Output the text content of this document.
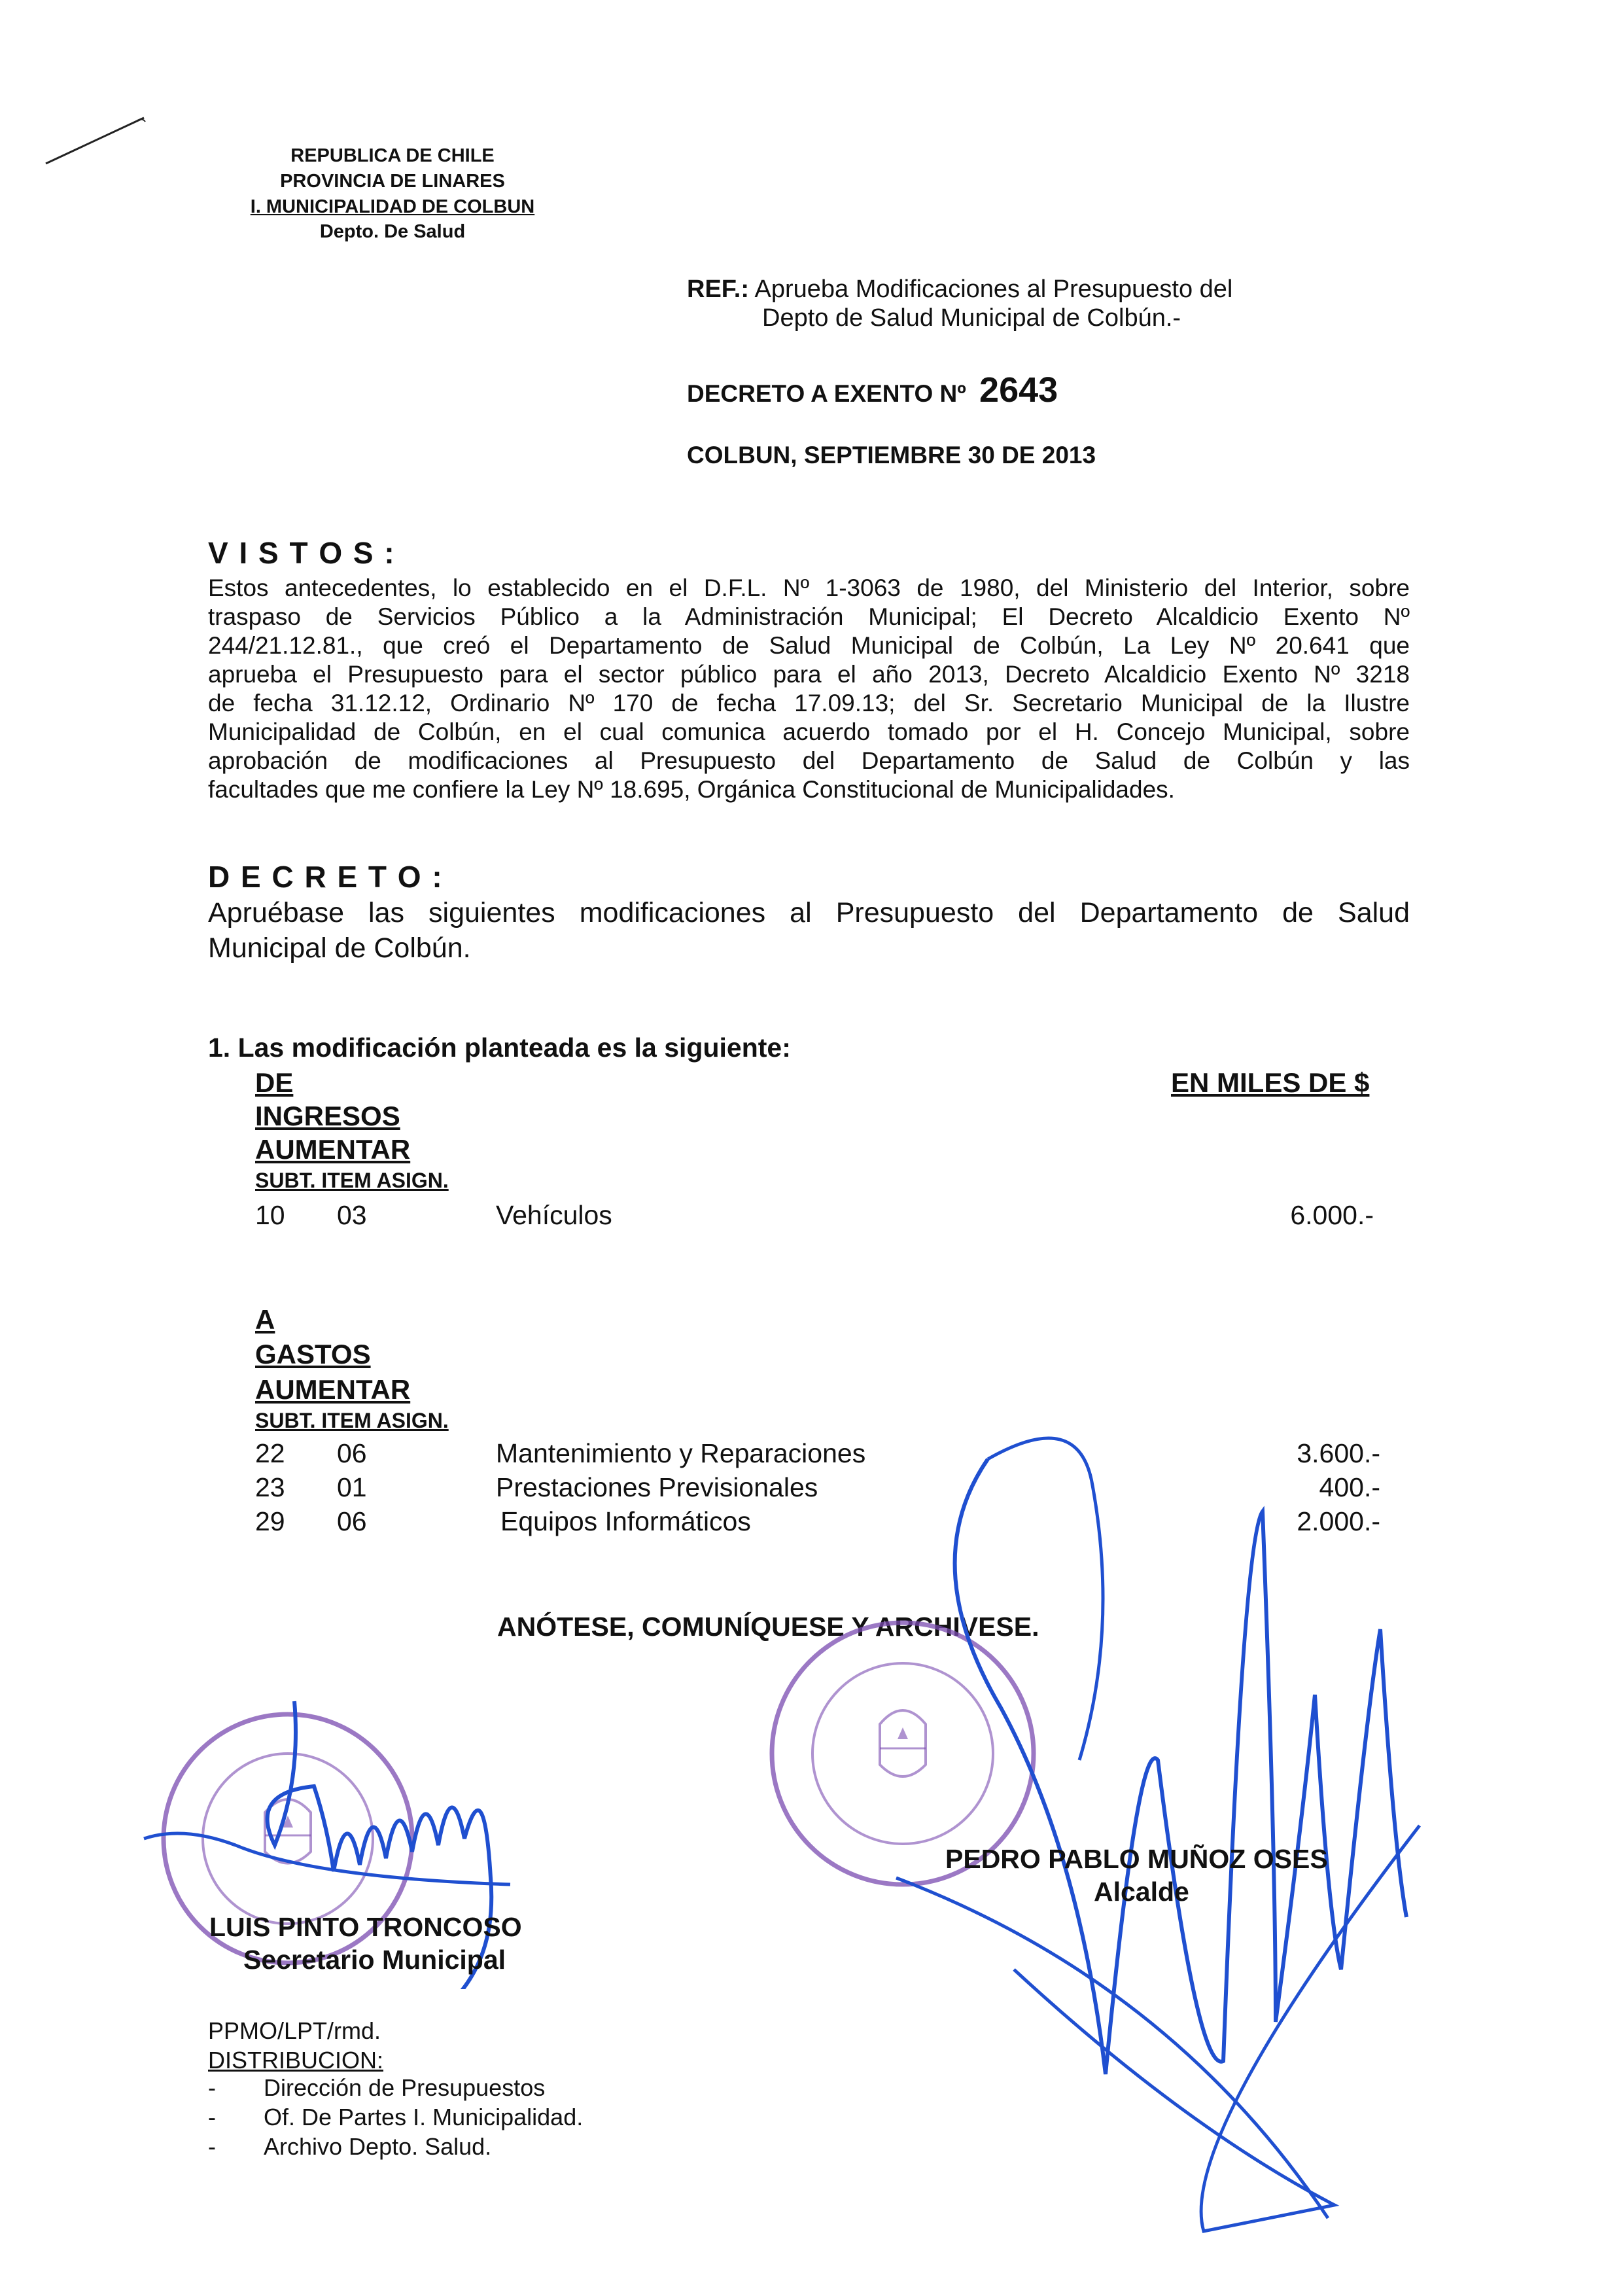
REPUBLICA DE CHILE
PROVINCIA DE LINARES
I. MUNICIPALIDAD DE COLBUN
Depto. De Salud
REF.: Aprueba Modificaciones al Presupuesto del
Depto de Salud Municipal de Colbún.-
DECRETO A EXENTO Nº 2643
COLBUN, SEPTIEMBRE 30 DE 2013
V I S T O S :
Estos antecedentes, lo establecido en el D.F.L. Nº 1-3063 de 1980, del Ministerio del Interior, sobre
traspaso de Servicios Público a la Administración Municipal; El Decreto Alcaldicio Exento Nº
244/21.12.81., que creó el Departamento de Salud Municipal de Colbún, La Ley Nº 20.641 que
aprueba el Presupuesto para el sector público para el año 2013, Decreto Alcaldicio Exento Nº 3218
de fecha 31.12.12, Ordinario Nº 170 de fecha 17.09.13; del Sr. Secretario Municipal de la Ilustre
Municipalidad de Colbún, en el cual comunica acuerdo tomado por el H. Concejo Municipal, sobre
aprobación de modificaciones al Presupuesto del Departamento de Salud de Colbún y las
facultades que me confiere la Ley Nº 18.695, Orgánica Constitucional de Municipalidades.
D E C R E T O :
Apruébase las siguientes modificaciones al Presupuesto del Departamento de Salud
Municipal de Colbún.
1. Las modificación planteada es la siguiente:
EN MILES DE $
DE
INGRESOS
AUMENTAR
SUBT. ITEM ASIGN.
10 03	Vehículos	6.000.-
A
GASTOS
AUMENTAR
SUBT. ITEM ASIGN.
22 06	Mantenimiento y Reparaciones	3.600.-
23 01	Prestaciones Previsionales	400.-
29 06	Equipos Informáticos	2.000.-
ANÓTESE, COMUNÍQUESE Y ARCHIVESE.
LUIS PINTO TRONCOSO
Secretario Municipal
PEDRO PABLO MUÑOZ OSES
Alcalde
PPMO/LPT/rmd.
DISTRIBUCION:
- Dirección de Presupuestos
- Of. De Partes I. Municipalidad.
- Archivo Depto. Salud.
